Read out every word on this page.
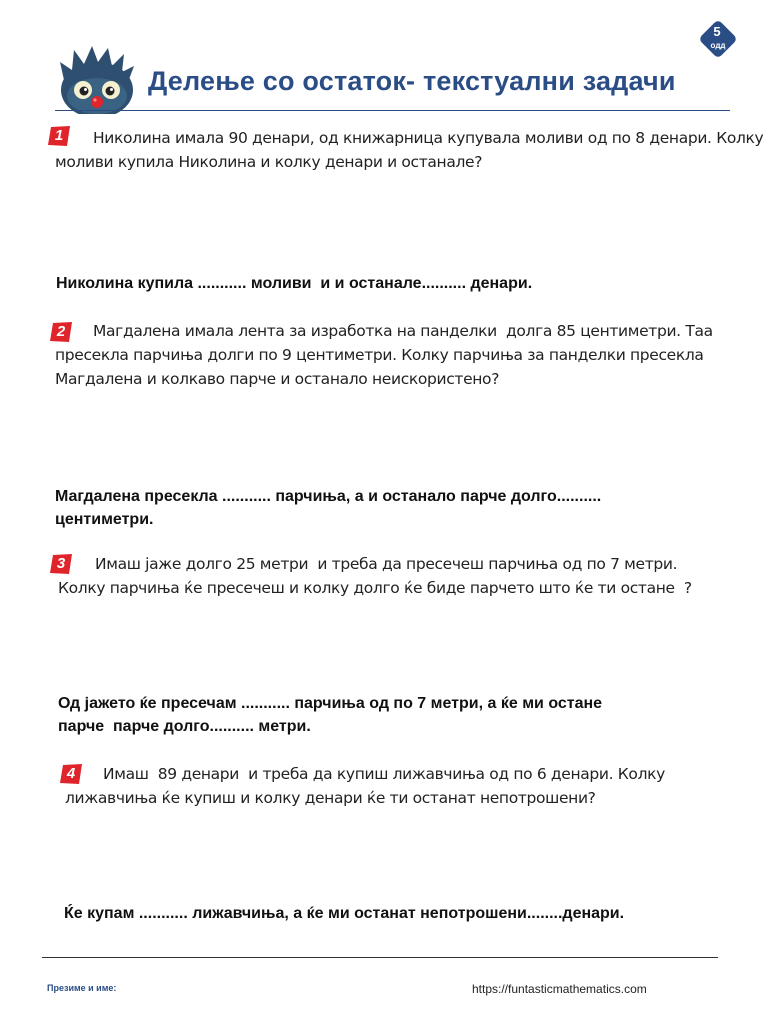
Делење со остаток- текстуални задачи
5
одд
1	Николина имала 90 денари, од книжарница купувала моливи од по 8 денари. Колку
моливи купила Николина и колку денари и останале?
Николина купила ........... моливи  и и останале.......... денари.
2	Магдалена имала лента за изработка на панделки  долга 85 центиметри. Таа
пресекла парчиња долги по 9 центиметри. Колку парчиња за панделки пресекла
Магдалена и колкаво парче и останало неискористено?
Магдалена пресекла ........... парчиња, а и останало парче долго..........
центиметри.
3	Имаш јаже долго 25 метри  и треба да пресечеш парчиња од по 7 метри.
Колку парчиња ќе пресечеш и колку долго ќе биде парчето што ќе ти остане  ?
Од јажето ќе пресечам ........... парчиња од по 7 метри, а ќе ми остане
парче  парче долго.......... метри.
4	Имаш  89 денари  и треба да купиш лижавчиња од по 6 денари. Колку
лижавчиња ќе купиш и колку денари ќе ти останат непотрошени?
Ќе купам ........... лижавчиња, а ќе ми останат непотрошени........денари.
Презиме и име:	https://funtasticmathematics.com
